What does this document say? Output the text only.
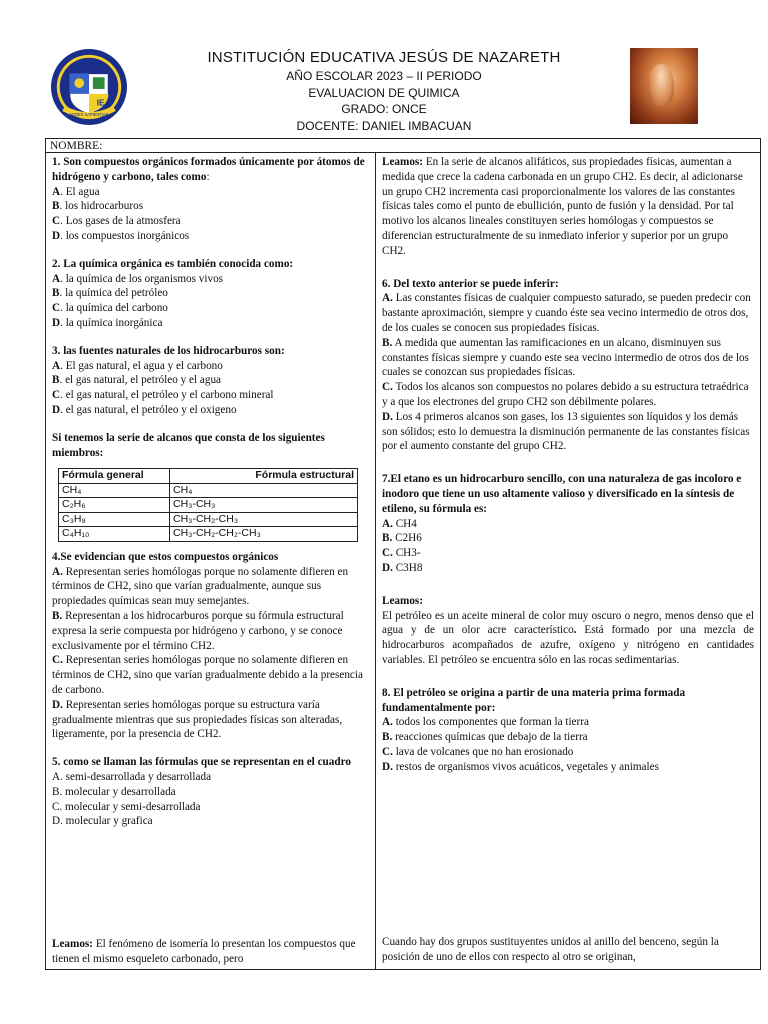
IE
SEDES SAPIENTIAE
INSTITUCIÓN EDUCATIVA JESÚS DE NAZARETH
AÑO ESCOLAR 2023 – II PERIODO
EVALUACION DE QUIMICA
GRADO: ONCE
DOCENTE: DANIEL IMBACUAN
NOMBRE:
1. Son compuestos orgánicos formados únicamente por átomos de hidrógeno y carbono, tales como:
A. El agua
B. los hidrocarburos
C. Los gases de la atmosfera
D. los compuestos inorgánicos
2. La química orgánica es también conocida como:
A. la química de los organismos vivos
B. la química del petróleo
C. la química del carbono
D. la química inorgánica
3. las fuentes naturales de los hidrocarburos son:
A. El gas natural, el agua y el carbono
B. el gas natural, el petróleo y el agua
C. el gas natural, el petróleo y el carbono mineral
D. el gas natural, el petróleo y el oxigeno
Si tenemos la serie de alcanos que consta de los siguientes miembros:
Fórmula general	Fórmula estructural
CH₄	CH₄
C₂H₆	CH₃-CH₃
C₃H₈	CH₃-CH₂-CH₃
C₄H₁₀	CH₃-CH₂-CH₂-CH₃
4.Se evidencian que estos compuestos orgánicos
A. Representan series homólogas porque no solamente difieren en términos de CH2, sino que varían gradualmente, aunque sus propiedades químicas sean muy semejantes.
B. Representan a los hidrocarburos porque su fórmula estructural expresa la serie compuesta por hidrógeno y carbono, y se conoce exclusivamente por el término CH2.
C. Representan series homólogas porque no solamente difieren en términos de CH2, sino que varían gradualmente debido a la presencia de carbono.
D. Representan series homólogas porque su estructura varía gradualmente mientras que sus propiedades físicas son alteradas, ligeramente, por la presencia de CH2.
5. como se llaman las fórmulas que se representan en el cuadro
A. semi-desarrollada y desarrollada
B. molecular y desarrollada
C. molecular y semi-desarrollada
D. molecular y grafica
Leamos: El fenómeno de isomería lo presentan los compuestos que tienen el mismo esqueleto carbonado, pero
Leamos: En la serie de alcanos alifáticos, sus propiedades físicas, aumentan a medida que crece la cadena carbonada en un grupo CH2. Es decir, al adicionarse un grupo CH2 incrementa casi proporcionalmente los valores de las constantes físicas tales como el punto de ebullición, punto de fusión y la densidad. Por tal motivo los alcanos lineales constituyen series homólogas y compuestos se diferencian estructuralmente de su inmediato inferior y superior por un grupo CH2.
6. Del texto anterior se puede inferir:
A. Las constantes físicas de cualquier compuesto saturado, se pueden predecir con bastante aproximación, siempre y cuando éste sea vecino intermedio de otros dos, de los cuales se conocen sus propiedades físicas.
B. A medida que aumentan las ramificaciones en un alcano, disminuyen sus constantes físicas siempre y cuando este sea vecino intermedio de otros dos de los cuales se conozcan sus propiedades físicas.
C. Todos los alcanos son compuestos no polares debido a su estructura tetraédrica y a que los electrones del grupo CH2 son débilmente polares.
D. Los 4 primeros alcanos son gases, los 13 siguientes son líquidos y los demás son sólidos; esto lo demuestra la disminución permanente de las constantes físicas por el aumento constante del grupo CH2.
7.El etano es un hidrocarburo sencillo, con una naturaleza de gas incoloro e inodoro que tiene un uso altamente valioso y diversificado en la síntesis de etileno, su fórmula es:
A. CH4
B. C2H6
C. CH3-
D. C3H8
Leamos:
El petróleo es un aceite mineral de color muy oscuro o negro, menos denso que el agua y de un olor acre característico. Está formado por una mezcla de hidrocarburos acompañados de azufre, oxígeno y nitrógeno en cantidades variables. El petróleo se encuentra sólo en las rocas sedimentarias.
8. El petróleo se origina a partir de una materia prima formada fundamentalmente por:
A. todos los componentes que forman la tierra
B. reacciones químicas que debajo de la tierra
C. lava de volcanes que no han erosionado
D. restos de organismos vivos acuáticos, vegetales y animales
Cuando hay dos grupos sustituyentes unidos al anillo del benceno, según la posición de uno de ellos con respecto al otro se originan,
